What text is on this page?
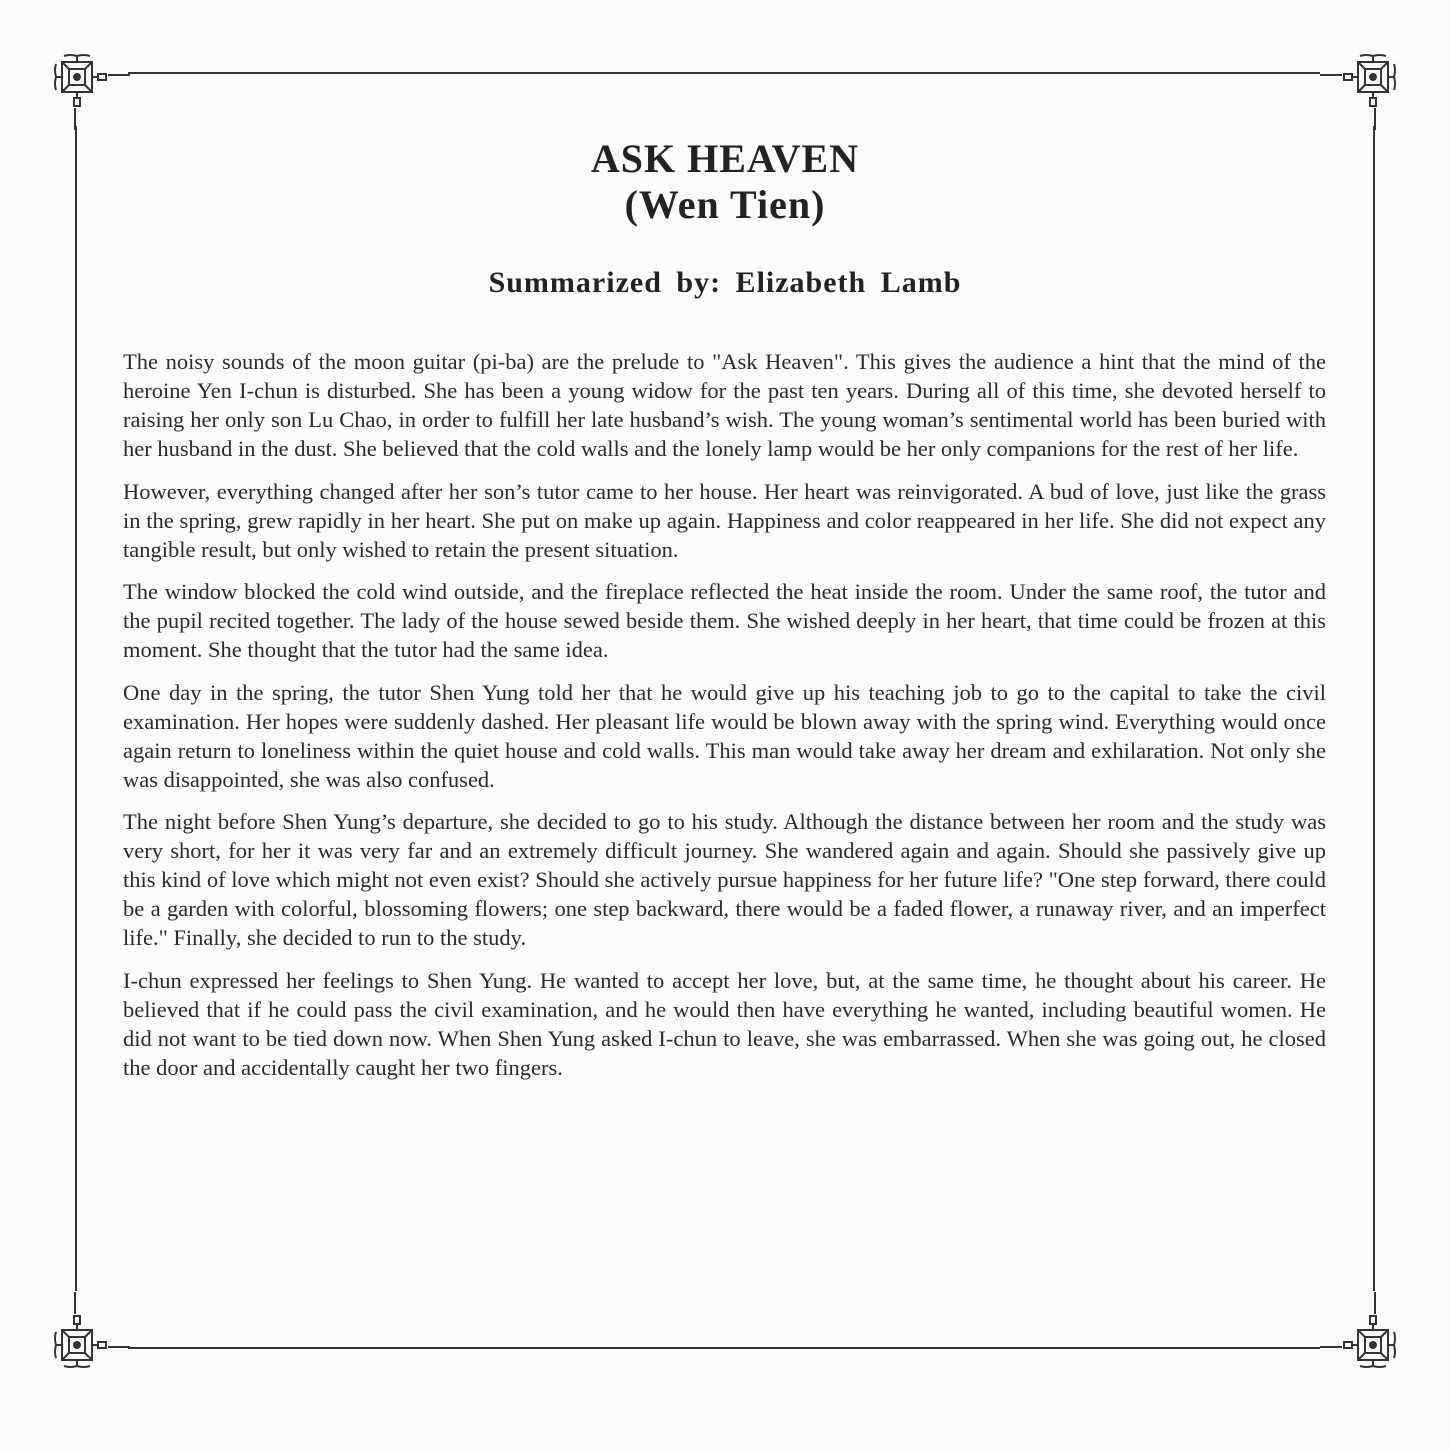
ASK HEAVEN
(Wen Tien)
Summarized by: Elizabeth Lamb

The noisy sounds of the moon guitar (pi-ba) are the prelude to "Ask Heaven". This gives the audience a hint that the mind of the heroine Yen I-chun is disturbed. She has been a young widow for the past ten years. During all of this time, she devoted herself to raising her only son Lu Chao, in order to fulfill her late husband’s wish. The young woman’s sentimental world has been buried with her husband in the dust. She believed that the cold walls and the lonely lamp would be her only companions for the rest of her life.

However, everything changed after her son’s tutor came to her house. Her heart was reinvigorated. A bud of love, just like the grass in the spring, grew rapidly in her heart. She put on make up again. Happiness and color reappeared in her life. She did not expect any tangible result, but only wished to retain the present situation.

The window blocked the cold wind outside, and the fireplace reflected the heat inside the room. Under the same roof, the tutor and the pupil recited together. The lady of the house sewed beside them. She wished deeply in her heart, that time could be frozen at this moment. She thought that the tutor had the same idea.

One day in the spring, the tutor Shen Yung told her that he would give up his teaching job to go to the capital to take the civil examination. Her hopes were suddenly dashed. Her pleasant life would be blown away with the spring wind. Everything would once again return to loneliness within the quiet house and cold walls. This man would take away her dream and exhilaration. Not only she was disappointed, she was also confused.

The night before Shen Yung’s departure, she decided to go to his study. Although the distance between her room and the study was very short, for her it was very far and an extremely difficult journey. She wandered again and again. Should she passively give up this kind of love which might not even exist? Should she actively pursue happiness for her future life? "One step forward, there could be a garden with colorful, blossoming flowers; one step backward, there would be a faded flower, a runaway river, and an imperfect life." Finally, she decided to run to the study.

I-chun expressed her feelings to Shen Yung. He wanted to accept her love, but, at the same time, he thought about his career. He believed that if he could pass the civil examination, and he would then have everything he wanted, including beautiful women. He did not want to be tied down now. When Shen Yung asked I-chun to leave, she was embarrassed. When she was going out, he closed the door and accidentally caught her two fingers.
